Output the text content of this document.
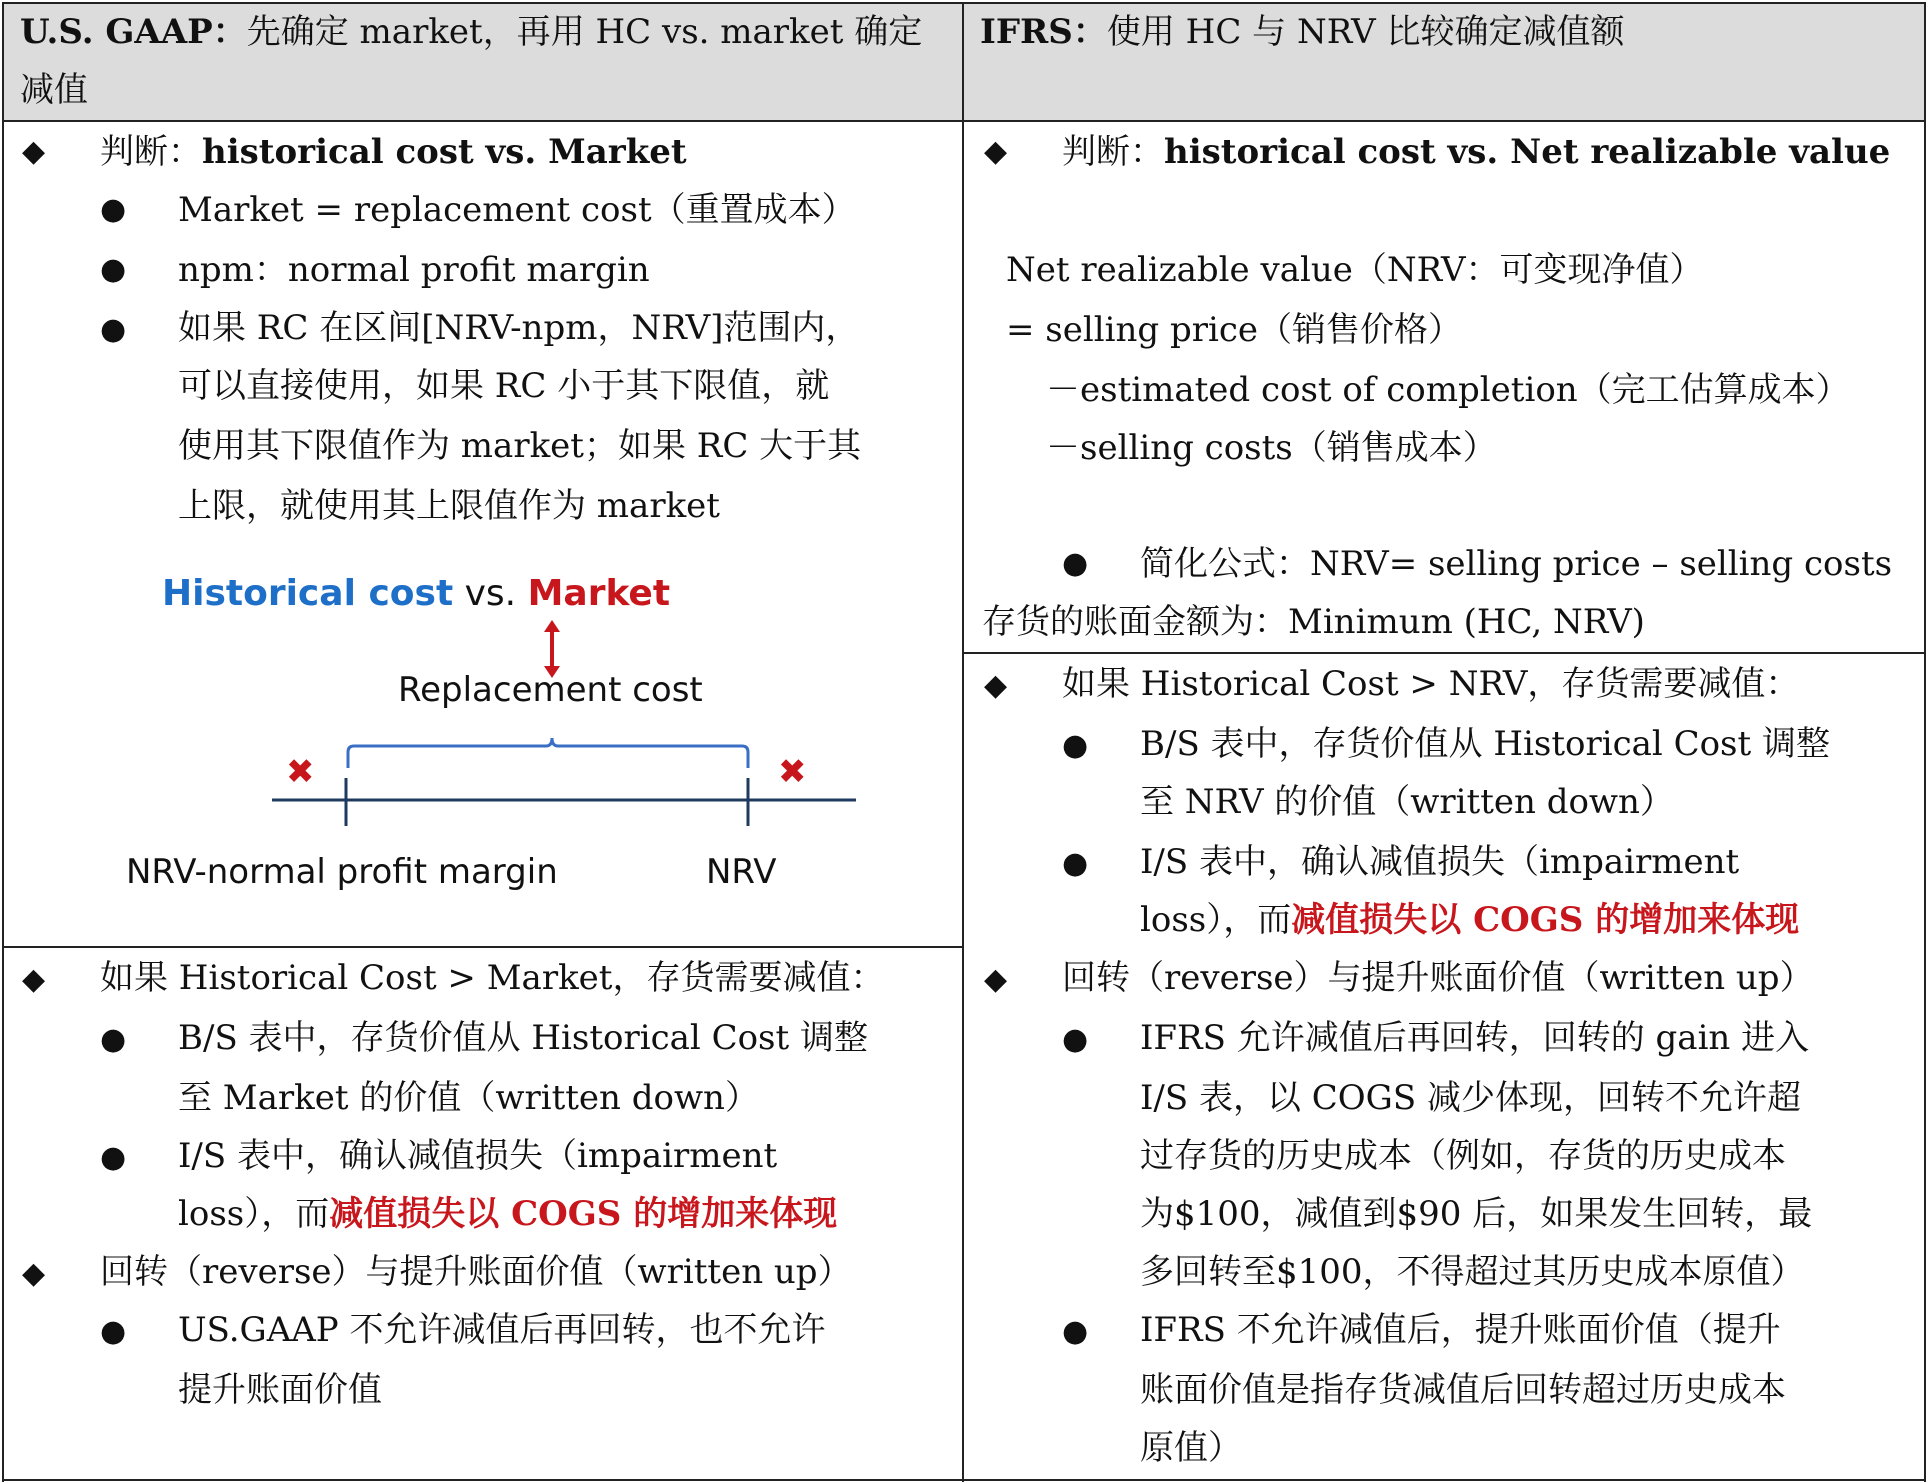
U.S. GAAP：先确定 market，再用 HC vs. market 确定
减值
IFRS：使用 HC 与 NRV 比较确定减值额
◆ 判断：historical cost vs. Market
● Market = replacement cost（重置成本）
● npm：normal profit margin
● 如果 RC 在区间[NRV-npm，NRV]范围内，
可以直接使用，如果 RC 小于其下限值，就
使用其下限值作为 market；如果 RC 大于其
上限，就使用其上限值作为 market
Historical cost vs. Market
Replacement cost
✖	✖
NRV-normal profit margin	NRV
◆ 如果 Historical Cost > Market，存货需要减值：
● B/S 表中，存货价值从 Historical Cost 调整
至 Market 的价值（written down）
● I/S 表中，确认减值损失（impairment
loss），而减值损失以 COGS 的增加来体现
◆ 回转（reverse）与提升账面价值（written up）
● US.GAAP 不允许减值后再回转，也不允许
提升账面价值
◆ 判断：historical cost vs. Net realizable value
Net realizable value（NRV：可变现净值）
= selling price（销售价格）
－estimated cost of completion（完工估算成本）
－selling costs（销售成本）
● 简化公式：NRV= selling price – selling costs
存货的账面金额为：Minimum (HC, NRV)
◆ 如果 Historical Cost > NRV，存货需要减值：
● B/S 表中，存货价值从 Historical Cost 调整
至 NRV 的价值（written down）
● I/S 表中，确认减值损失（impairment
loss），而减值损失以 COGS 的增加来体现
◆ 回转（reverse）与提升账面价值（written up）
● IFRS 允许减值后再回转，回转的 gain 进入
I/S 表，以 COGS 减少体现，回转不允许超
过存货的历史成本（例如，存货的历史成本
为$100，减值到$90 后，如果发生回转，最
多回转至$100，不得超过其历史成本原值）
● IFRS 不允许减值后，提升账面价值（提升
账面价值是指存货减值后回转超过历史成本
原值）
